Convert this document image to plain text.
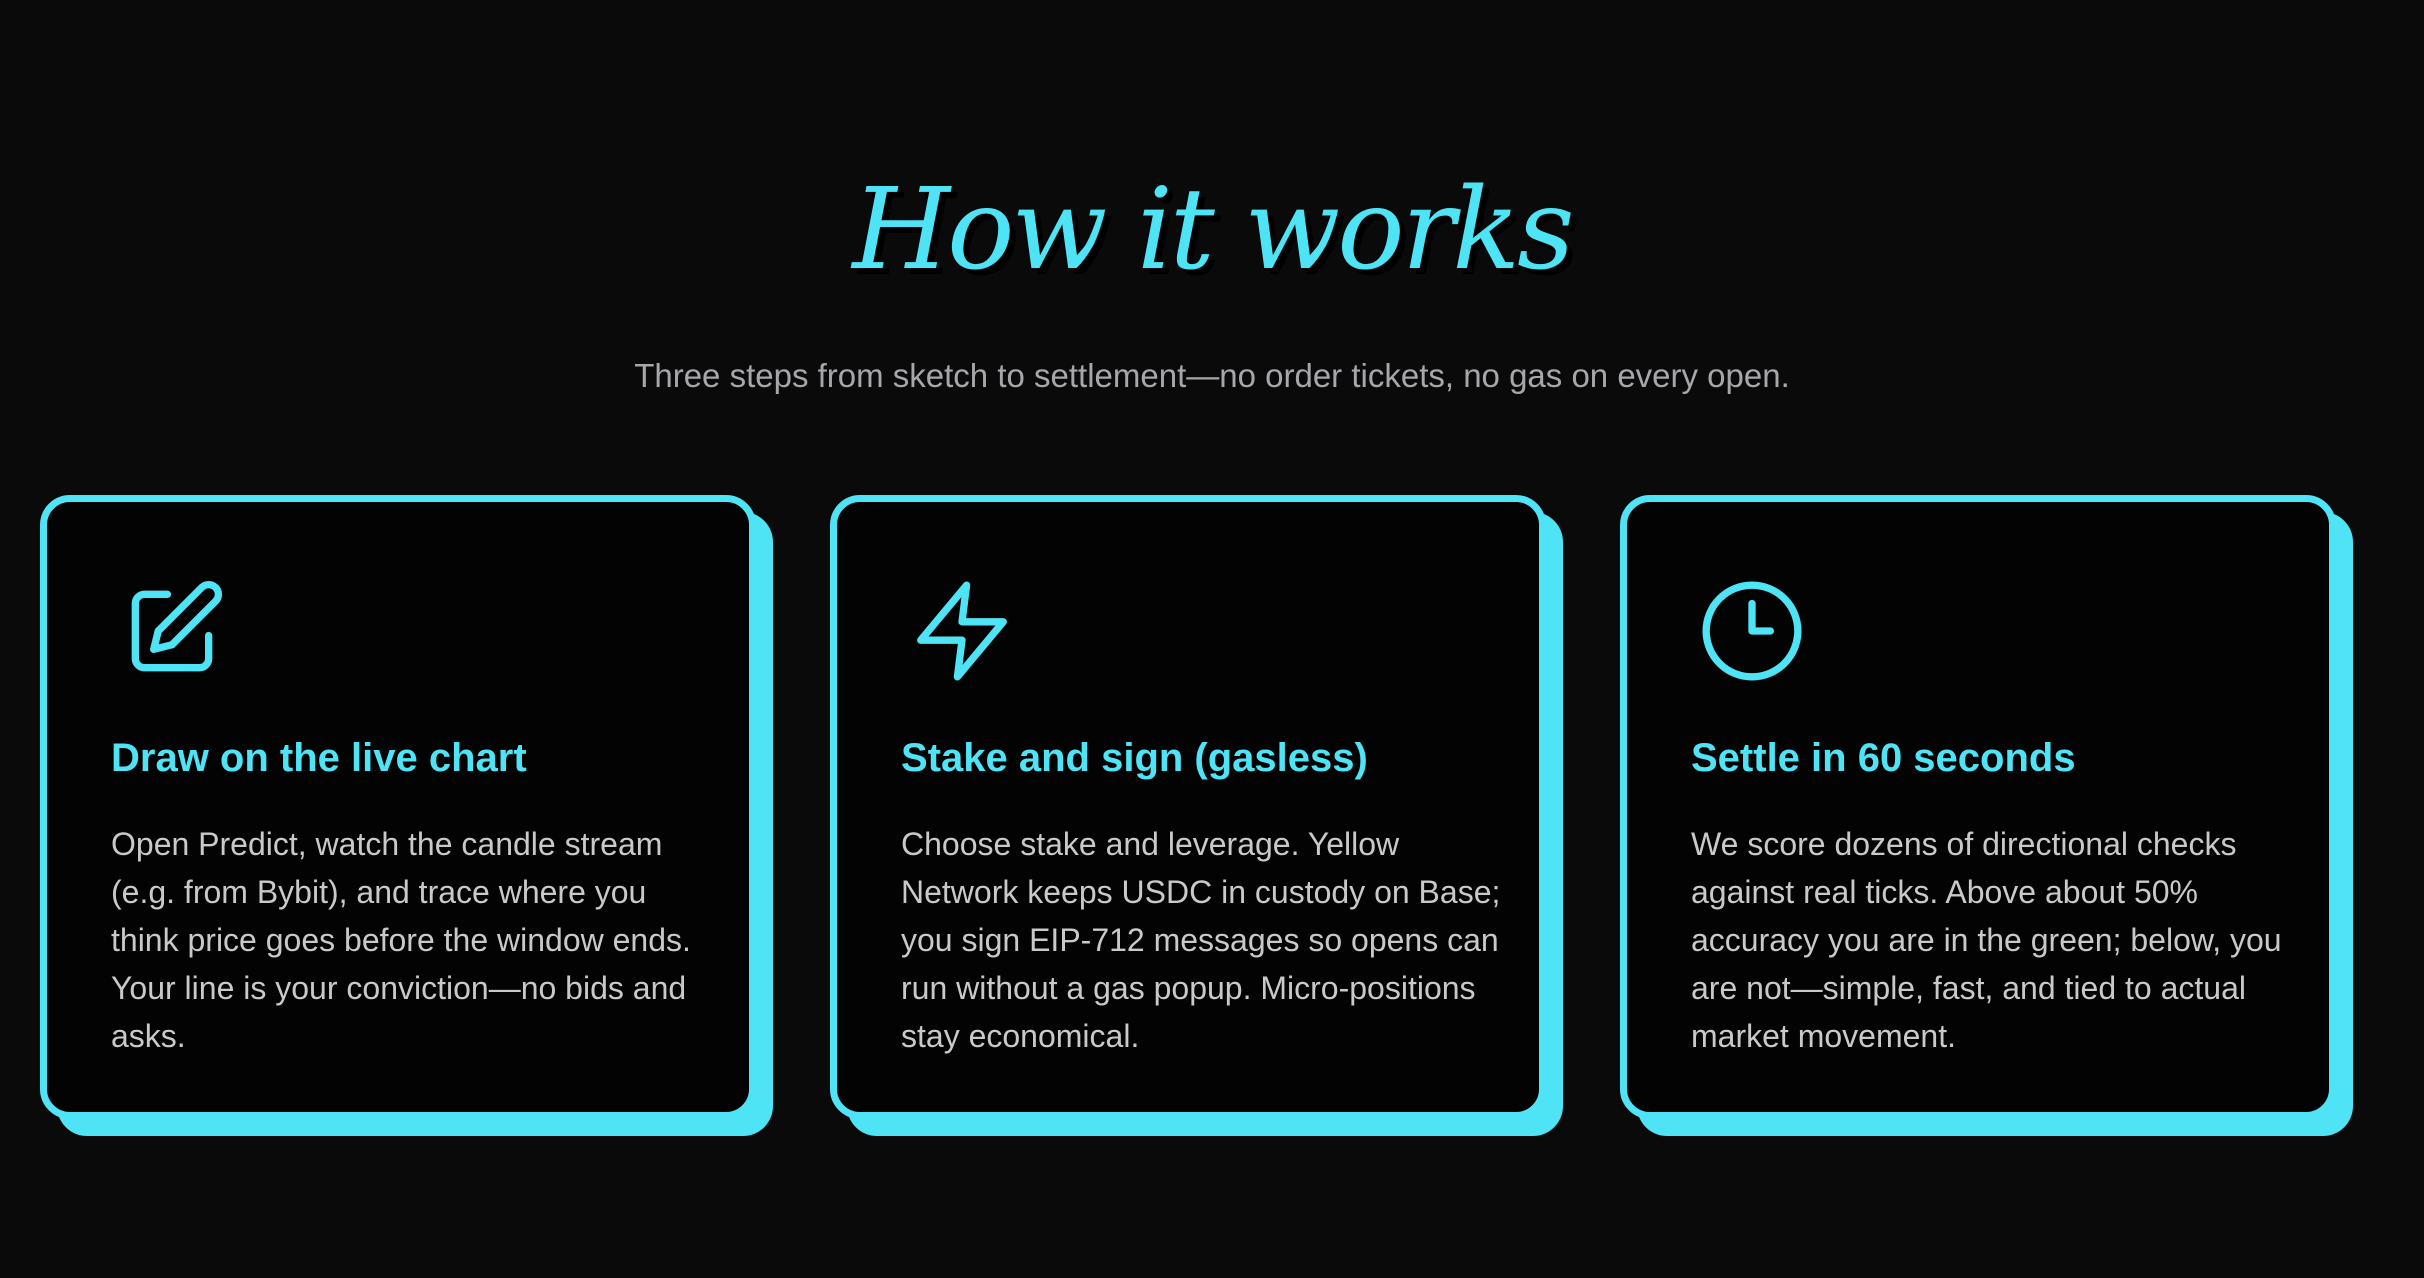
How it works

Three steps from sketch to settlement—no order tickets, no gas on every open.

Draw on the live chart

Open Predict, watch the candle stream (e.g. from Bybit), and trace where you think price goes before the window ends. Your line is your conviction—no bids and asks.

Stake and sign (gasless)

Choose stake and leverage. Yellow Network keeps USDC in custody on Base; you sign EIP-712 messages so opens can run without a gas popup. Micro-positions stay economical.

Settle in 60 seconds

We score dozens of directional checks against real ticks. Above about 50% accuracy you are in the green; below, you are not—simple, fast, and tied to actual market movement.
